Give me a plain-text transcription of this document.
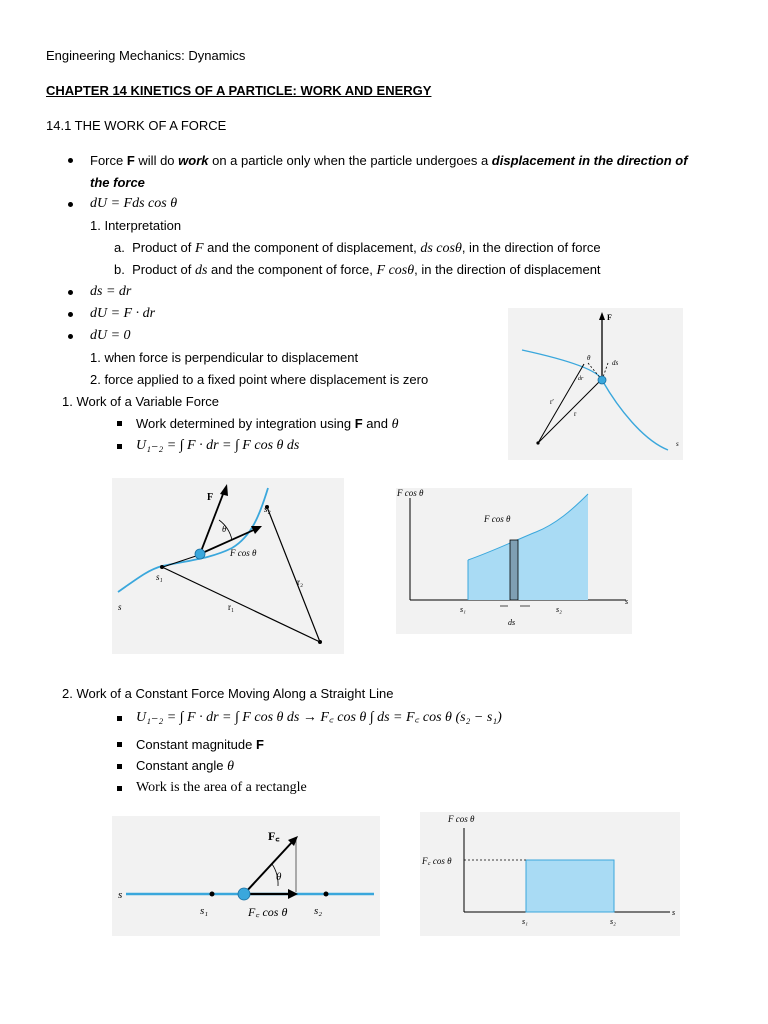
Engineering Mechanics: Dynamics
CHAPTER 14 KINETICS OF A PARTICLE: WORK AND ENERGY
14.1 THE WORK OF A FORCE
Force F will do work on a particle only when the particle undergoes a displacement in the direction of
the force
dU = Fds cos θ
1. Interpretation
a. Product of F and the component of displacement, ds cosθ, in the direction of force
b. Product of ds and the component of force, F cosθ, in the direction of displacement
ds = dr
dU = F · dr
dU = 0
1. when force is perpendicular to displacement
2. force applied to a fixed point where displacement is zero
1. Work of a Variable Force
Work determined by integration using F and θ
U₁₋₂ = ∫ F · dr = ∫ F cos θ ds
F
θ
ds
dr
r′
r
s
F
θ
F cos θ
s₁
s₂
r₁
r₂
s
F cos θ
F cos θ
s₁	s₂
ds
s
2. Work of a Constant Force Moving Along a Straight Line
U₁₋₂ = ∫ F · dr = ∫ F cos θ ds → F꜀ cos θ ∫ ds = F꜀ cos θ (s₂ − s₁)
Constant magnitude F
Constant angle θ
Work is the area of a rectangle
F꜀
θ
F꜀ cos θ
s₁	s₂
s
F cos θ
F꜀ cos θ
s₁	s₂
s
